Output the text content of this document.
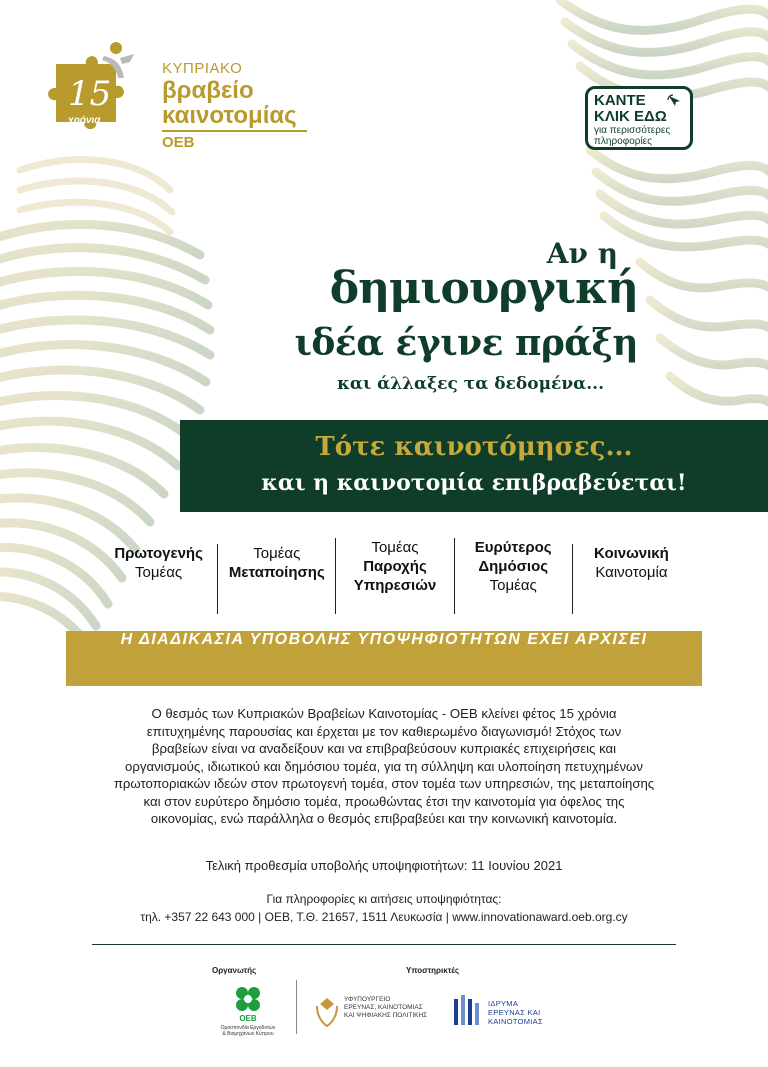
15
χρόνια
ΚΥΠΡΙΑΚΟ
βραβείο
καινοτομίας
ΟΕΒ
ΚΑΝΤΕ
ΚΛΙΚ ΕΔΩ
για περισσότερες
πληροφορίες
Αν η
δημιουργική
ιδέα έγινε πράξη
και άλλαξες τα δεδομένα...
Τότε καινοτόμησες...
και η καινοτομία επιβραβεύεται!
Πρωτογενής
Τομέας
Τομέας
Μεταποίησης
Τομέας
Παροχής
Υπηρεσιών
Ευρύτερος
Δημόσιος
Τομέας
Κοινωνική
Καινοτομία
Η ΔΙΑΔΙΚΑΣΙΑ ΥΠΟΒΟΛΗΣ ΥΠΟΨΗΦΙΟΤΗΤΩΝ ΕΧΕΙ ΑΡΧΙΣΕΙ
Ο θεσμός των Κυπριακών Βραβείων Καινοτομίας - ΟΕΒ κλείνει φέτος 15 χρόνια
επιτυχημένης παρουσίας και έρχεται με τον καθιερωμένο διαγωνισμό! Στόχος των
βραβείων είναι να αναδείξουν και να επιβραβεύσουν κυπριακές επιχειρήσεις και
οργανισμούς, ιδιωτικού και δημόσιου τομέα, για τη σύλληψη και υλοποίηση πετυχημένων
πρωτοποριακών ιδεών στον πρωτογενή τομέα, στον τομέα των υπηρεσιών, της μεταποίησης
και στον ευρύτερο δημόσιο τομέα, προωθώντας έτσι την καινοτομία για όφελος της
οικονομίας, ενώ παράλληλα ο θεσμός επιβραβεύει και την κοινωνική καινοτομία.
Τελική προθεσμία υποβολής υποψηφιοτήτων: 11 Ιουνίου 2021
Για πληροφορίες κι αιτήσεις υποψηφιότητας:
τηλ. +357 22 643 000 | ΟΕΒ, Τ.Θ. 21657, 1511 Λευκωσία | www.innovationaward.oeb.org.cy
Οργανωτής	Υποστηρικτές
ΟΕΒ
Ομοσπονδία Εργοδοτών
& Βιομηχάνων Κύπρου
ΥΦΥΠΟΥΡΓΕΙΟ
ΕΡΕΥΝΑΣ, ΚΑΙΝΟΤΟΜΙΑΣ
ΚΑΙ ΨΗΦΙΑΚΗΣ ΠΟΛΙΤΙΚΗΣ
ΙΔΡΥΜΑ
ΕΡΕΥΝΑΣ ΚΑΙ
ΚΑΙΝΟΤΟΜΙΑΣ
